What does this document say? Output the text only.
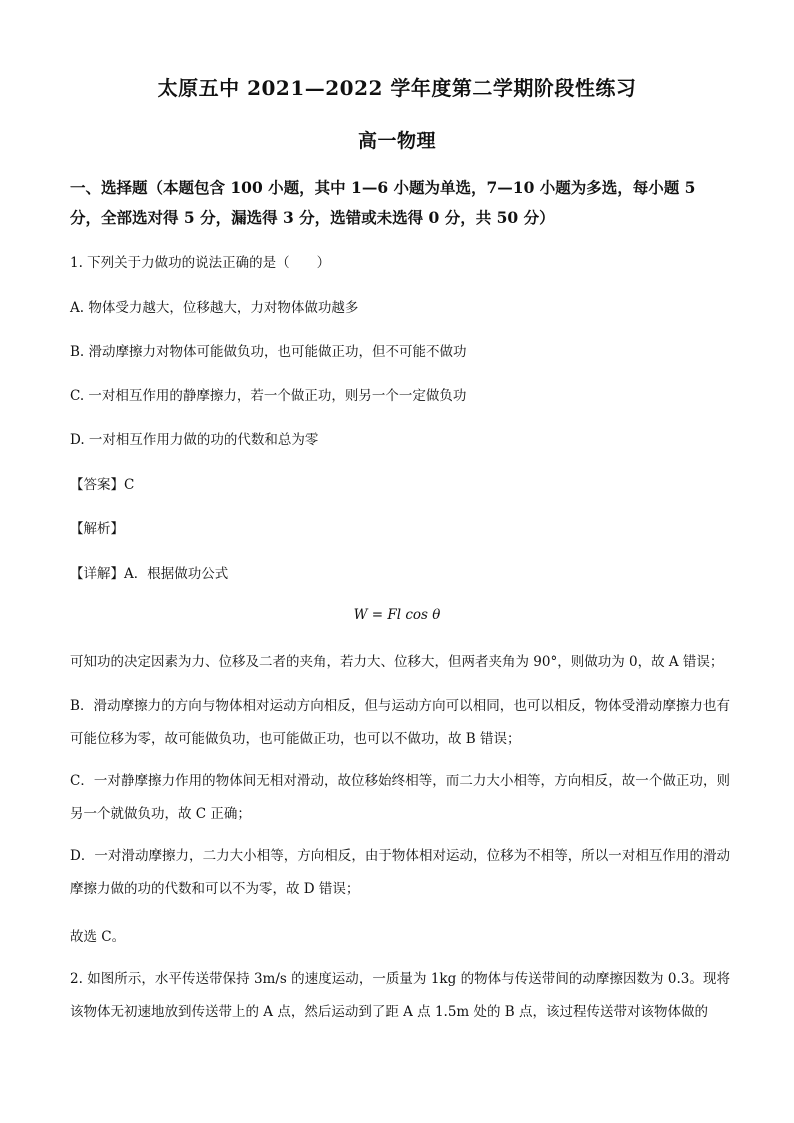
太原五中 2021—2022 学年度第二学期阶段性练习
高一物理
一、选择题（本题包含 100 小题，其中 1—6 小题为单选，7—10 小题为多选，每小题 5 分，全部选对得 5 分，漏选得 3 分，选错或未选得 0 分，共 50 分）
1. 下列关于力做功的说法正确的是（　　）
A. 物体受力越大，位移越大，力对物体做功越多
B. 滑动摩擦力对物体可能做负功，也可能做正功，但不可能不做功
C. 一对相互作用的静摩擦力，若一个做正功，则另一个一定做负功
D. 一对相互作用力做的功的代数和总为零
【答案】C
【解析】
【详解】A．根据做功公式
W = Fl cos θ
可知功的决定因素为力、位移及二者的夹角，若力大、位移大，但两者夹角为 90°，则做功为 0，故 A 错误；
B．滑动摩擦力的方向与物体相对运动方向相反，但与运动方向可以相同，也可以相反，物体受滑动摩擦力也有可能位移为零，故可能做负功，也可能做正功，也可以不做功，故 B 错误；
C．一对静摩擦力作用的物体间无相对滑动，故位移始终相等，而二力大小相等，方向相反，故一个做正功，则另一个就做负功，故 C 正确；
D．一对滑动摩擦力，二力大小相等，方向相反，由于物体相对运动，位移为不相等，所以一对相互作用的滑动摩擦力做的功的代数和可以不为零，故 D 错误；
故选 C。
2. 如图所示，水平传送带保持 3m/s 的速度运动，一质量为 1kg 的物体与传送带间的动摩擦因数为 0.3。现将该物体无初速地放到传送带上的 A 点，然后运动到了距 A 点 1.5m 处的 B 点，该过程传送带对该物体做的
